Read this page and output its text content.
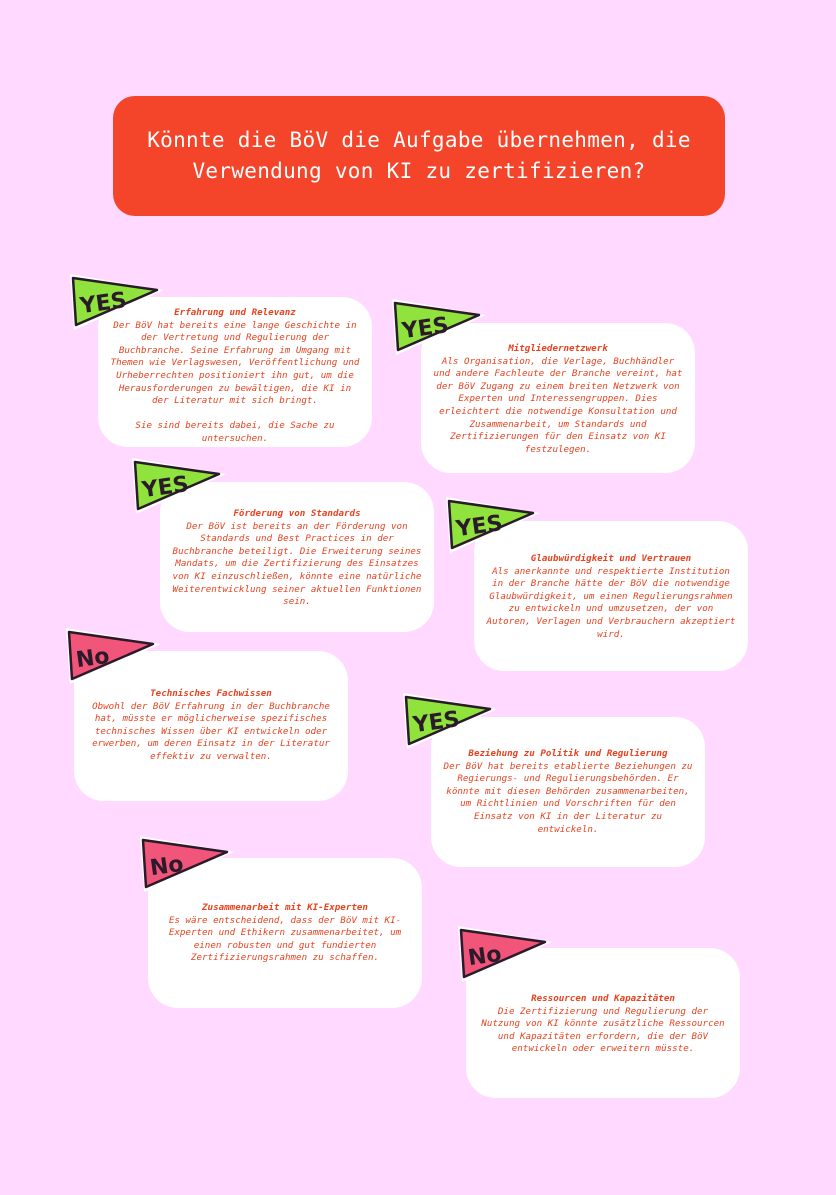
Könnte die BöV die Aufgabe übernehmen, die Verwendung von KI zu zertifizieren?
Erfahrung und Relevanz
Der BöV hat bereits eine lange Geschichte in
der Vertretung und Regulierung der
Buchbranche. Seine Erfahrung im Umgang mit
Themen wie Verlagswesen, Veröffentlichung und
Urheberrechten positioniert ihn gut, um die
Herausforderungen zu bewältigen, die KI in
der Literatur mit sich bringt.

Sie sind bereits dabei, die Sache zu
untersuchen.
Mitgliedernetzwerk
Als Organisation, die Verlage, Buchhändler
und andere Fachleute der Branche vereint, hat
der BöV Zugang zu einem breiten Netzwerk von
Experten und Interessengruppen. Dies
erleichtert die notwendige Konsultation und
Zusammenarbeit, um Standards und
Zertifizierungen für den Einsatz von KI
festzulegen.
Förderung von Standards
Der BöV ist bereits an der Förderung von
Standards und Best Practices in der
Buchbranche beteiligt. Die Erweiterung seines
Mandats, um die Zertifizierung des Einsatzes
von KI einzuschließen, könnte eine natürliche
Weiterentwicklung seiner aktuellen Funktionen
sein.
Glaubwürdigkeit und Vertrauen
Als anerkannte und respektierte Institution
in der Branche hätte der BöV die notwendige
Glaubwürdigkeit, um einen Regulierungsrahmen
zu entwickeln und umzusetzen, der von
Autoren, Verlagen und Verbrauchern akzeptiert
wird.
Technisches Fachwissen
Obwohl der BöV Erfahrung in der Buchbranche
hat, müsste er möglicherweise spezifisches
technisches Wissen über KI entwickeln oder
erwerben, um deren Einsatz in der Literatur
effektiv zu verwalten.	Beziehung zu Politik und Regulierung
Der BöV hat bereits etablierte Beziehungen zu
Regierungs- und Regulierungsbehörden. Er
könnte mit diesen Behörden zusammenarbeiten,
um Richtlinien und Vorschriften für den
Einsatz von KI in der Literatur zu
entwickeln.
Zusammenarbeit mit KI-Experten
Es wäre entscheidend, dass der BöV mit KI-
Experten und Ethikern zusammenarbeitet, um
einen robusten und gut fundierten
Zertifizierungsrahmen zu schaffen.
Ressourcen und Kapazitäten
Die Zertifizierung und Regulierung der
Nutzung von KI könnte zusätzliche Ressourcen
und Kapazitäten erfordern, die der BöV
entwickeln oder erweitern müsste.
YES
YES
YES
YES
No
YES
No
No
